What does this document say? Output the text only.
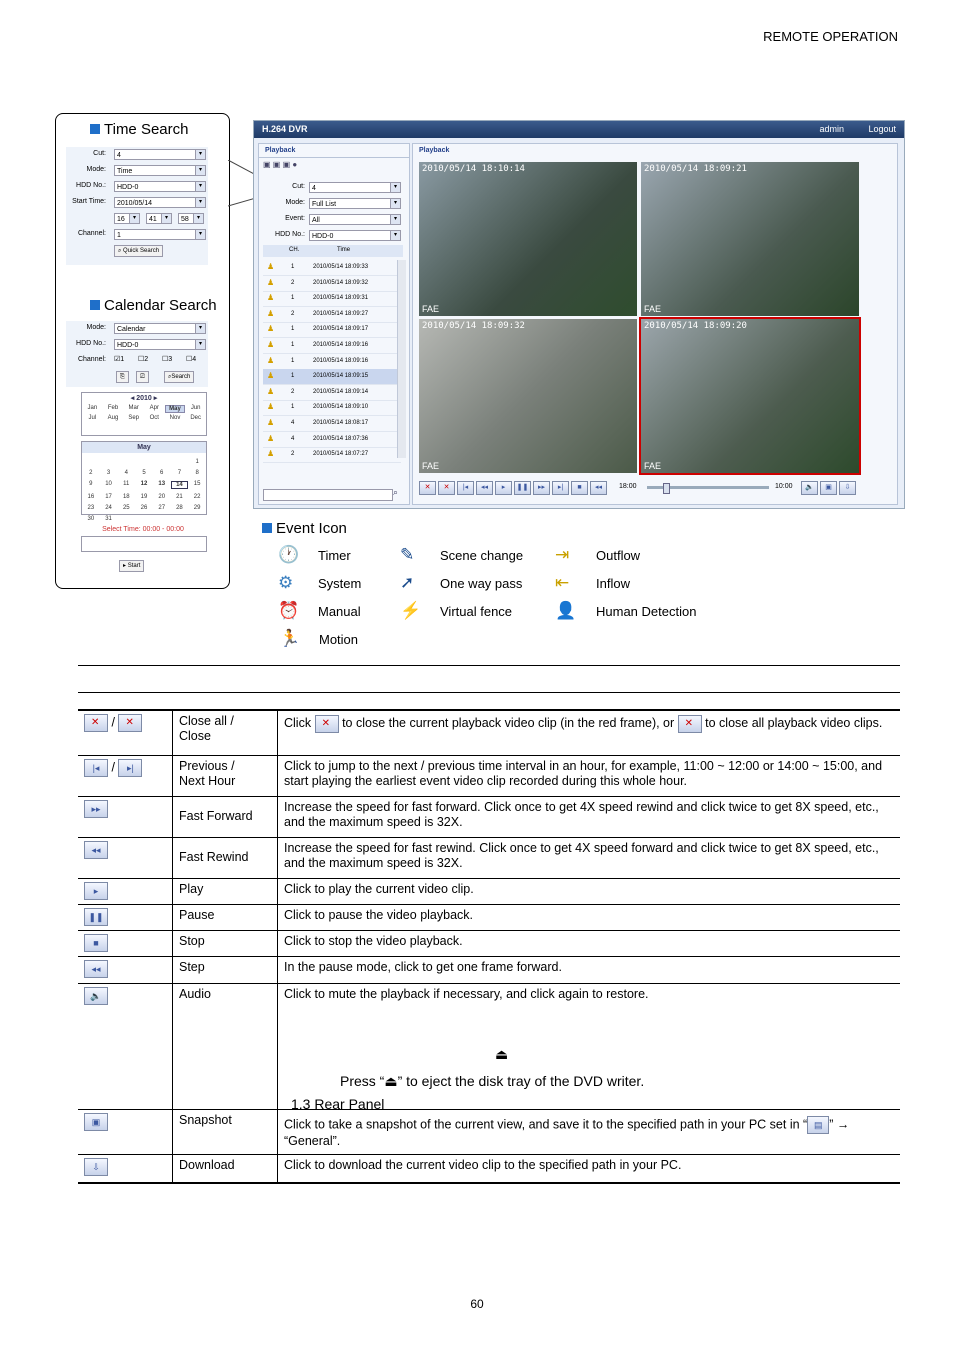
REMOTE OPERATION
Time Search
Cut:	4	▾
Mode:	Time	▾
HDD No.:	HDD-0	▾
Start Time:	2010/05/14	▾
16	▾	41	▾	58	▾
Channel:	1	▾
⌕ Quick Search
Calendar Search
Mode:	Calendar	▾
HDD No.:	HDD-0	▾
Channel: ☑1 ☐2 ☐3 ☐4
⎘	⎚	⌕Search
◂ 2010 ▸
Jan	Feb	Mar	Apr	May	Jun
Jul	Aug	Sep	Oct	Nov	Dec
May
1
2	3	4	5	6	7	8
9	10	11	12	13	14	15
16	17	18	19	20	21	22
23	24	25	26	27	28	29
30	31
Select Time: 00:00 - 00:00
▸ Start
H.264 DVR	admin	Logout
Playback
▣ ▣ ▣ ●
Cut:	4	▾
Mode:	Full List	▾
Event:	All	▾
HDD No.:	HDD-0	▾
CH.	Time
♟	1	2010/05/14 18:09:33
♟	2	2010/05/14 18:09:32
♟	1	2010/05/14 18:09:31
♟	2	2010/05/14 18:09:27
♟	1	2010/05/14 18:09:17
♟	1	2010/05/14 18:09:16
♟	1	2010/05/14 18:09:16
♟	1	2010/05/14 18:09:15
♟	2	2010/05/14 18:09:14
♟	1	2010/05/14 18:09:10
♟	4	2010/05/14 18:08:17
♟	4	2010/05/14 18:07:36
♟	2	2010/05/14 18:07:27
⌕
Playback
2010/05/14 18:10:14
FAE
2010/05/14 18:09:21
FAE
2010/05/14 18:09:32
FAE
2010/05/14 18:09:20
FAE
✕	✕	|◂	◂◂	▸	❚❚	▸▸	▸|	■	◂◂	18:00	10:00	🔈	▣	⇩
Event Icon
🕐 Timer
⚙	System
⏰ Manual
🏃 Motion
✎	Scene change
➚	One way pass
⚡ Virtual fence
⇥	Outflow
⇤	Inflow
👤 Human Detection
✕ / ✕	Close all /
Close	Click ✕ to close the current playback video clip (in the red frame), or ✕ to close all playback video clips.
|◂ / ▸|	Previous /
Next Hour	Click to jump to the next / previous time interval in an hour, for example, 11:00 ~ 12:00 or 14:00 ~ 15:00, and start playing the earliest event video clip recorded during this whole hour.
▸▸	Fast Forward	Increase the speed for fast forward. Click once to get 4X speed rewind and click twice to get 8X speed, etc., and the maximum speed is 32X.
◂◂	Fast Rewind	Increase the speed for fast rewind. Click once to get 4X speed forward and click twice to get 8X speed, etc., and the maximum speed is 32X.
▸	Play	Click to play the current video clip.
❚❚	Pause	Click to pause the video playback.
■	Stop	Click to stop the video playback.
◂◂	Step	In the pause mode, click to get one frame forward.
🔈	Audio	Click to mute the playback if necessary, and click again to restore.
▣	Snapshot	Click to take a snapshot of the current view, and save it to the specified path in your PC set in “ ▤ ” → “General”.
⇩	Download	Click to download the current video clip to the specified path in your PC.
⏏
Press “⏏” to eject the disk tray of the DVD writer.
1.3 Rear Panel
60
